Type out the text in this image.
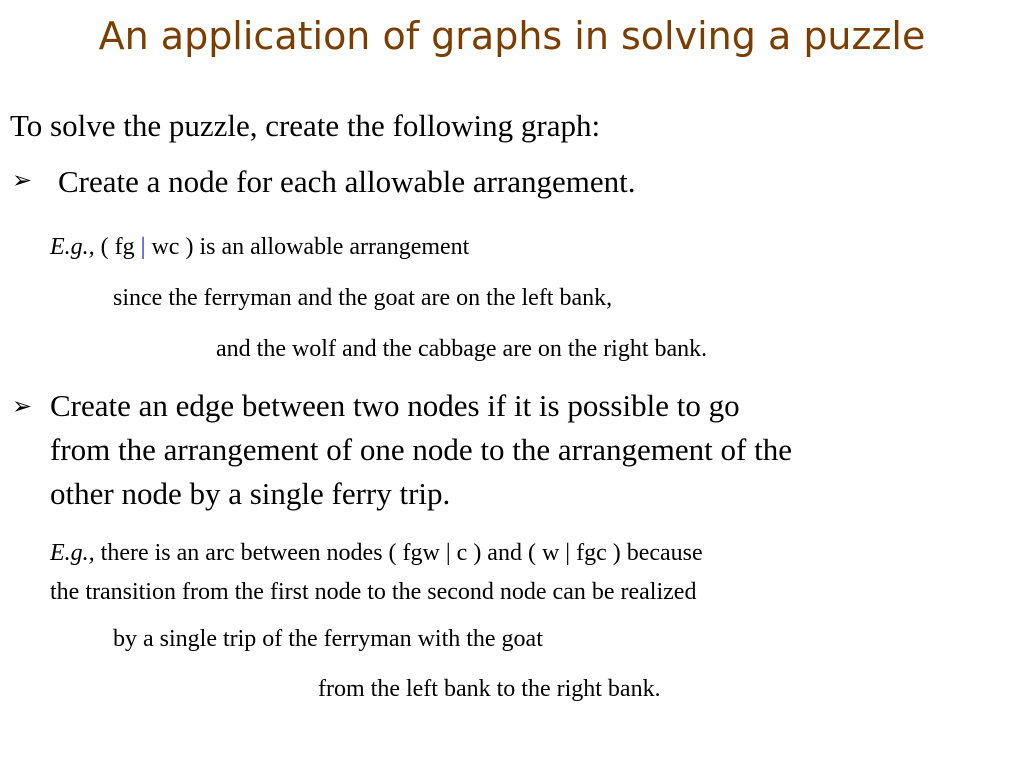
An application of graphs in solving a puzzle
To solve the puzzle, create the following graph:
➢ Create a node for each allowable arrangement.
E.g., ( fg | wc ) is an allowable arrangement
since the ferryman and the goat are on the left bank,
and the wolf and the cabbage are on the right bank.
➢ Create an edge between two nodes if it is possible to go
from the arrangement of one node to the arrangement of the
other node by a single ferry trip.
E.g., there is an arc between nodes ( fgw | c ) and ( w | fgc ) because
the transition from the first node to the second node can be realized
by a single trip of the ferryman with the goat
from the left bank to the right bank.
